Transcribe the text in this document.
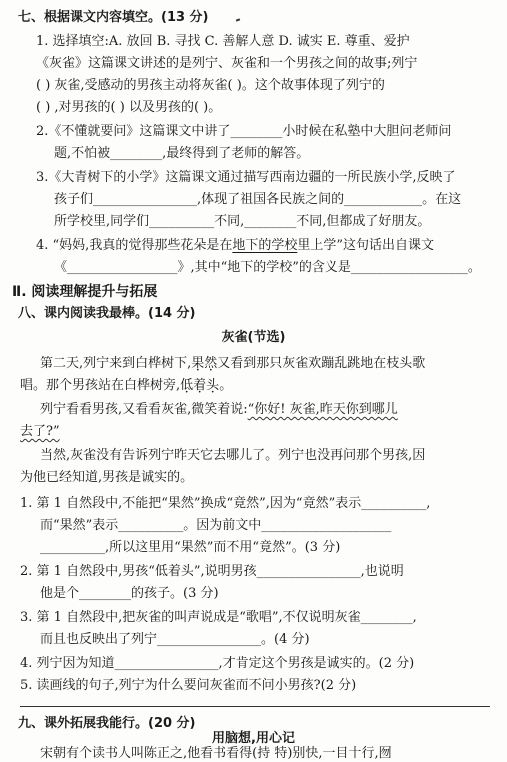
七、根据课文内容填空。(13 分)
1. 选择填空:A. 放回 B. 寻找 C. 善解人意 D. 诚实 E. 尊重、爱护
《灰雀》这篇课文讲述的是列宁、灰雀和一个男孩之间的故事;列宁
( ) 灰雀,受感动的男孩主动将灰雀( )。这个故事体现了列宁的
( ) ,对男孩的( ) 以及男孩的( )。
2.《不懂就要问》这篇课文中讲了________小时候在私塾中大胆问老师问
题,不怕被________,最终得到了老师的解答。
3.《大青树下的小学》这篇课文通过描写西南边疆的一所民族小学,反映了
孩子们________________,体现了祖国各民族之间的____________。在这
所学校里,同学们__________不同,________不同,但都成了好朋友。
4. “妈妈,我真的觉得那些花朵是在地下的学校里上学”这句话出自课文
《_________________》,其中“地下的学校”的含义是__________________。
Ⅱ. 阅读理解提升与拓展
八、课内阅读我最棒。(14 分)
灰雀(节选)
第二天,列宁来到白桦树下,果然又看到那只灰雀欢蹦乱跳地在枝头歌
唱。那个男孩站在白桦树旁,低着头。
列宁看看男孩,又看看灰雀,微笑着说:“你好! 灰雀,昨天你到哪儿
去了?”
当然,灰雀没有告诉列宁昨天它去哪儿了。列宁也没再问那个男孩,因
为他已经知道,男孩是诚实的。
1. 第 1 自然段中,不能把“果然”换成“竟然”,因为“竟然”表示__________,
而“果然”表示__________。因为前文中____________________
__________,所以这里用“果然”而不用“竟然”。(3 分)
2. 第 1 自然段中,男孩“低着头”,说明男孩________________,也说明
他是个________的孩子。(3 分)
3. 第 1 自然段中,把灰雀的叫声说成是“歌唱”,不仅说明灰雀________,
而且也反映出了列宁________________。(4 分)
4. 列宁因为知道________________,才肯定这个男孩是诚实的。(2 分)
5. 读画线的句子,列宁为什么要问灰雀而不问小男孩?(2 分)
九、课外拓展我能行。(20 分)
用脑想,用心记
宋朝有个读书人叫陈正之,他看书看得(持 特)别快,一目十行,囫
